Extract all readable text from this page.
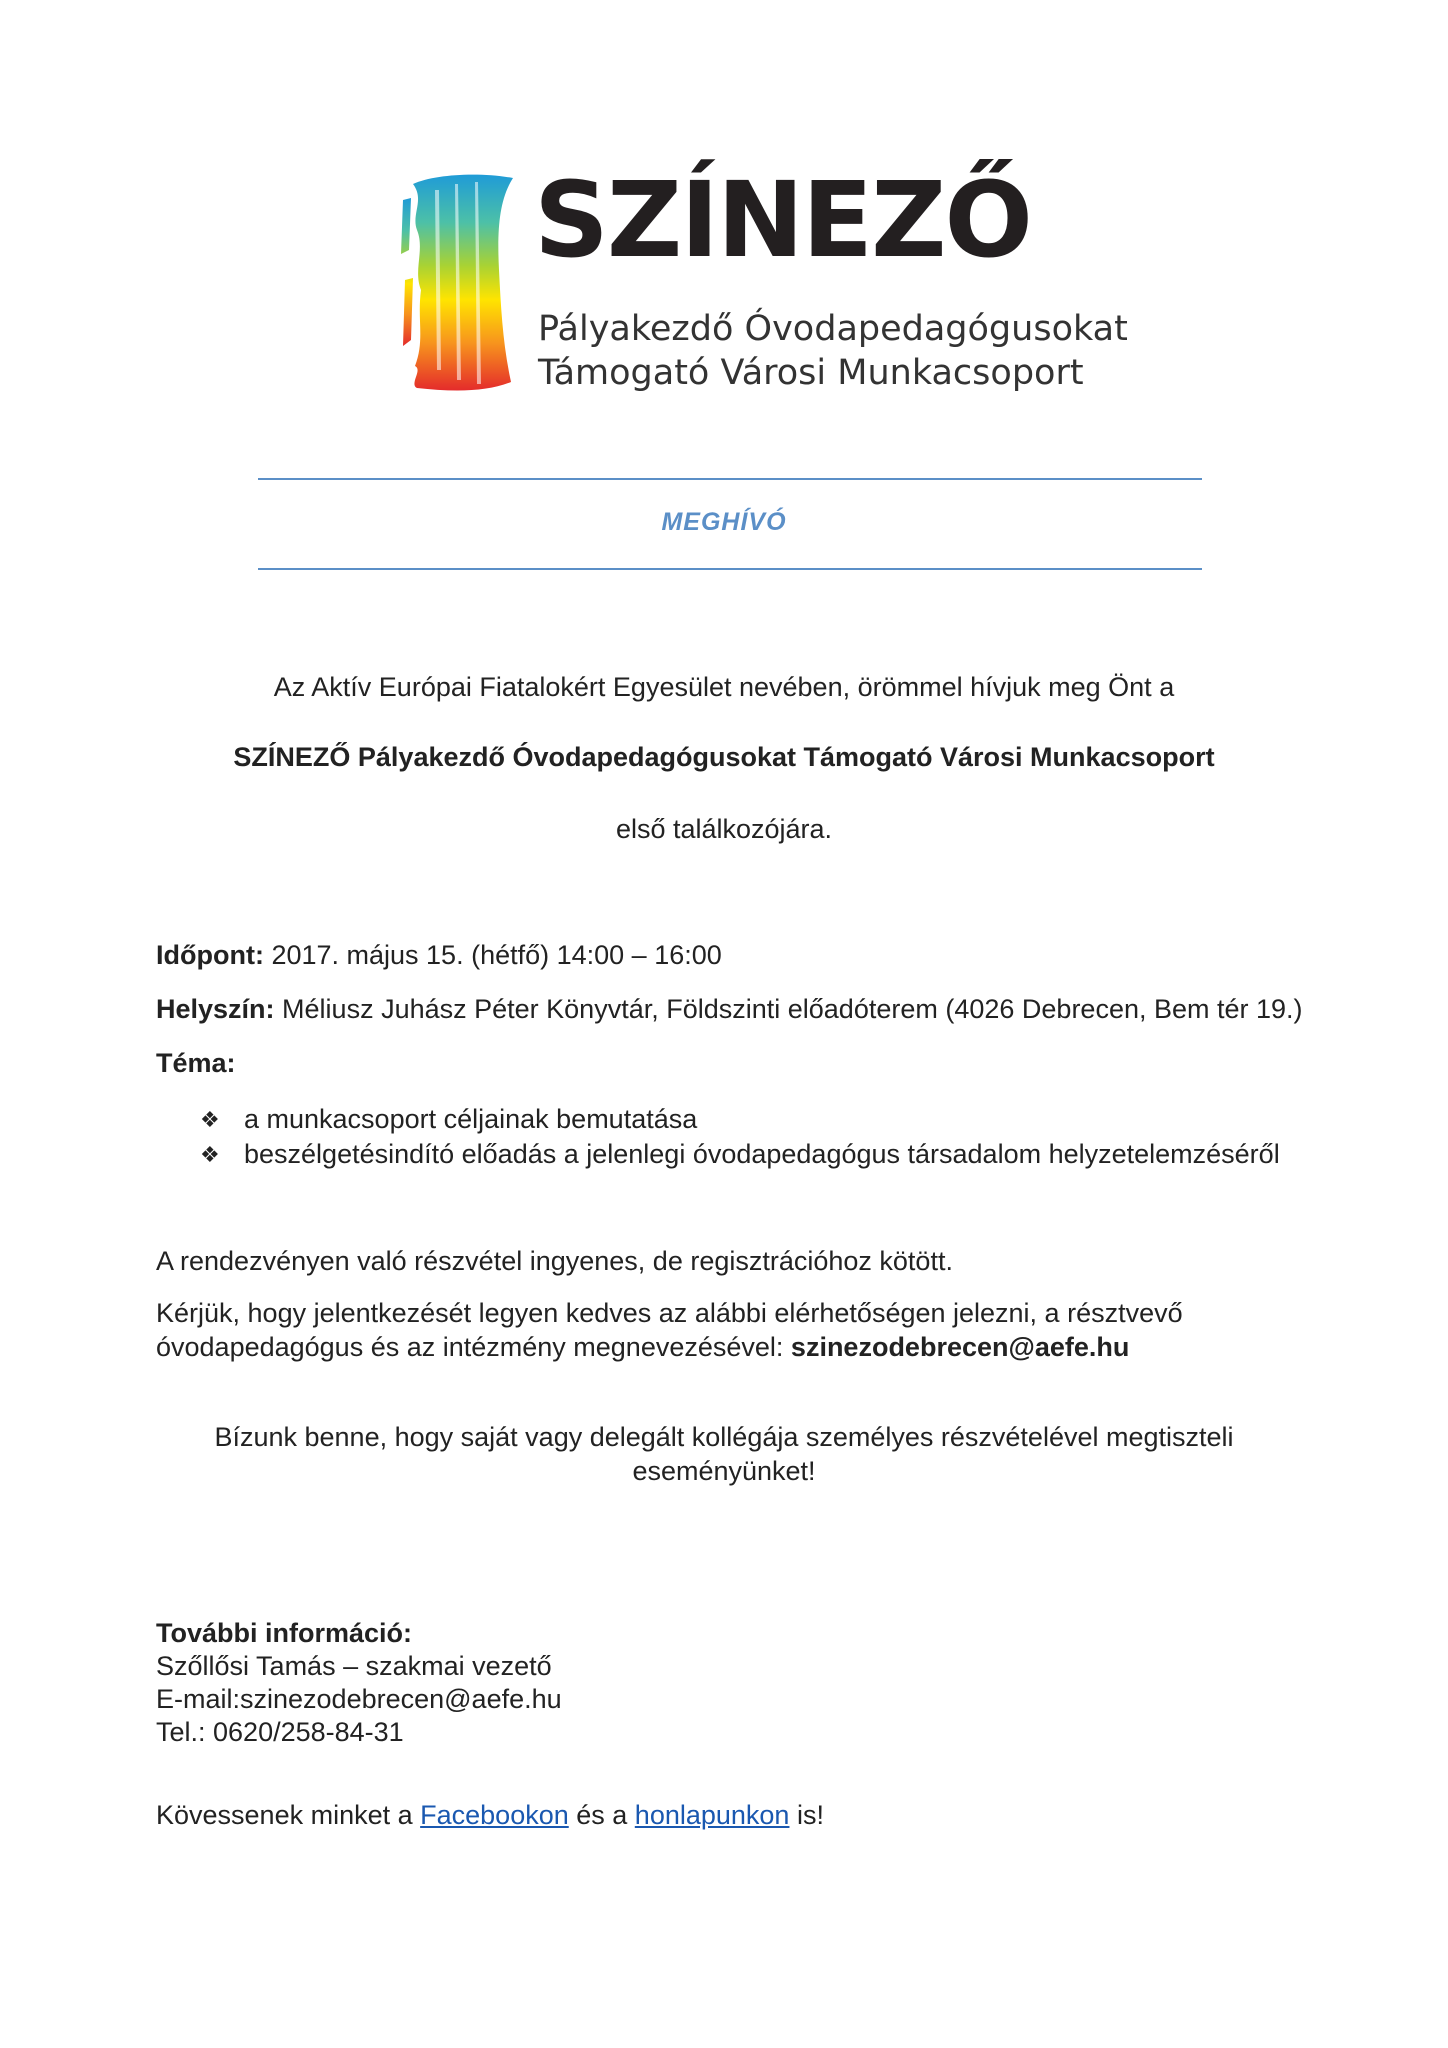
SZÍNEZŐ
Pályakezdő Óvodapedagógusokat
Támogató Városi Munkacsoport
MEGHÍVÓ
Az Aktív Európai Fiatalokért Egyesület nevében, örömmel hívjuk meg Önt a
SZÍNEZŐ Pályakezdő Óvodapedagógusokat Támogató Városi Munkacsoport
első találkozójára.
Időpont: 2017. május 15. (hétfő) 14:00 – 16:00
Helyszín: Méliusz Juhász Péter Könyvtár, Földszinti előadóterem (4026 Debrecen, Bem tér 19.)
Téma:
❖ a munkacsoport céljainak bemutatása
❖ beszélgetésindító előadás a jelenlegi óvodapedagógus társadalom helyzetelemzéséről
A rendezvényen való részvétel ingyenes, de regisztrációhoz kötött.
Kérjük, hogy jelentkezését legyen kedves az alábbi elérhetőségen jelezni, a résztvevő
óvodapedagógus és az intézmény megnevezésével: szinezodebrecen@aefe.hu
Bízunk benne, hogy saját vagy delegált kollégája személyes részvételével megtiszteli
eseményünket!
További információ:
Szőllősi Tamás – szakmai vezető
E-mail:szinezodebrecen@aefe.hu
Tel.: 0620/258-84-31
Kövessenek minket a Facebookon és a honlapunkon is!
